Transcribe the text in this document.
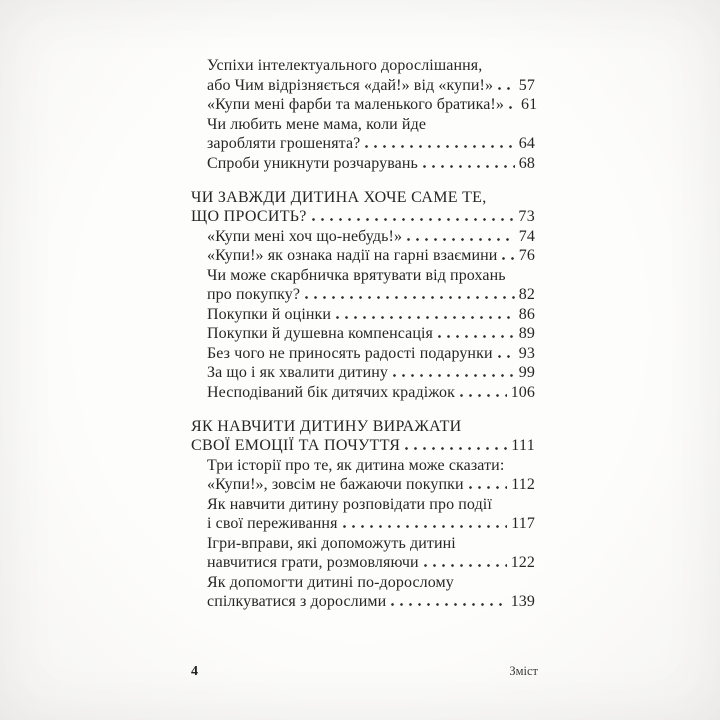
Успіхи інтелектуального дорослішання,
або Чим відрізняється «дай!» від «купи!» 57
«Купи мені фарби та маленького братика!» 61
Чи любить мене мама, коли йде
заробляти грошенята?	64
Спроби уникнути розчарувань	68
ЧИ ЗАВЖДИ ДИТИНА ХОЧЕ САМЕ ТЕ,
ЩО ПРОСИТЬ?	73
«Купи мені хоч що-небудь!»	74
«Купи!» як ознака надії на гарні взаємини 76
Чи може скарбничка врятувати від прохань
про покупку?	82
Покупки й оцінки	86
Покупки й душевна компенсація	89
Без чого не приносять радості подарунки 93
За що і як хвалити дитину	99
Несподіваний бік дитячих крадіжок	106
ЯК НАВЧИТИ ДИТИНУ ВИРАЖАТИ
СВОЇ ЕМОЦІЇ ТА ПОЧУТТЯ	111
Три історії про те, як дитина може сказати:
«Купи!», зовсім не бажаючи покупки	112
Як навчити дитину розповідати про події
і свої переживання	117
Ігри-вправи, які допоможуть дитині
навчитися грати, розмовляючи	122
Як допомогти дитині по-дорослому
спілкуватися з дорослими	139
4	Зміст
